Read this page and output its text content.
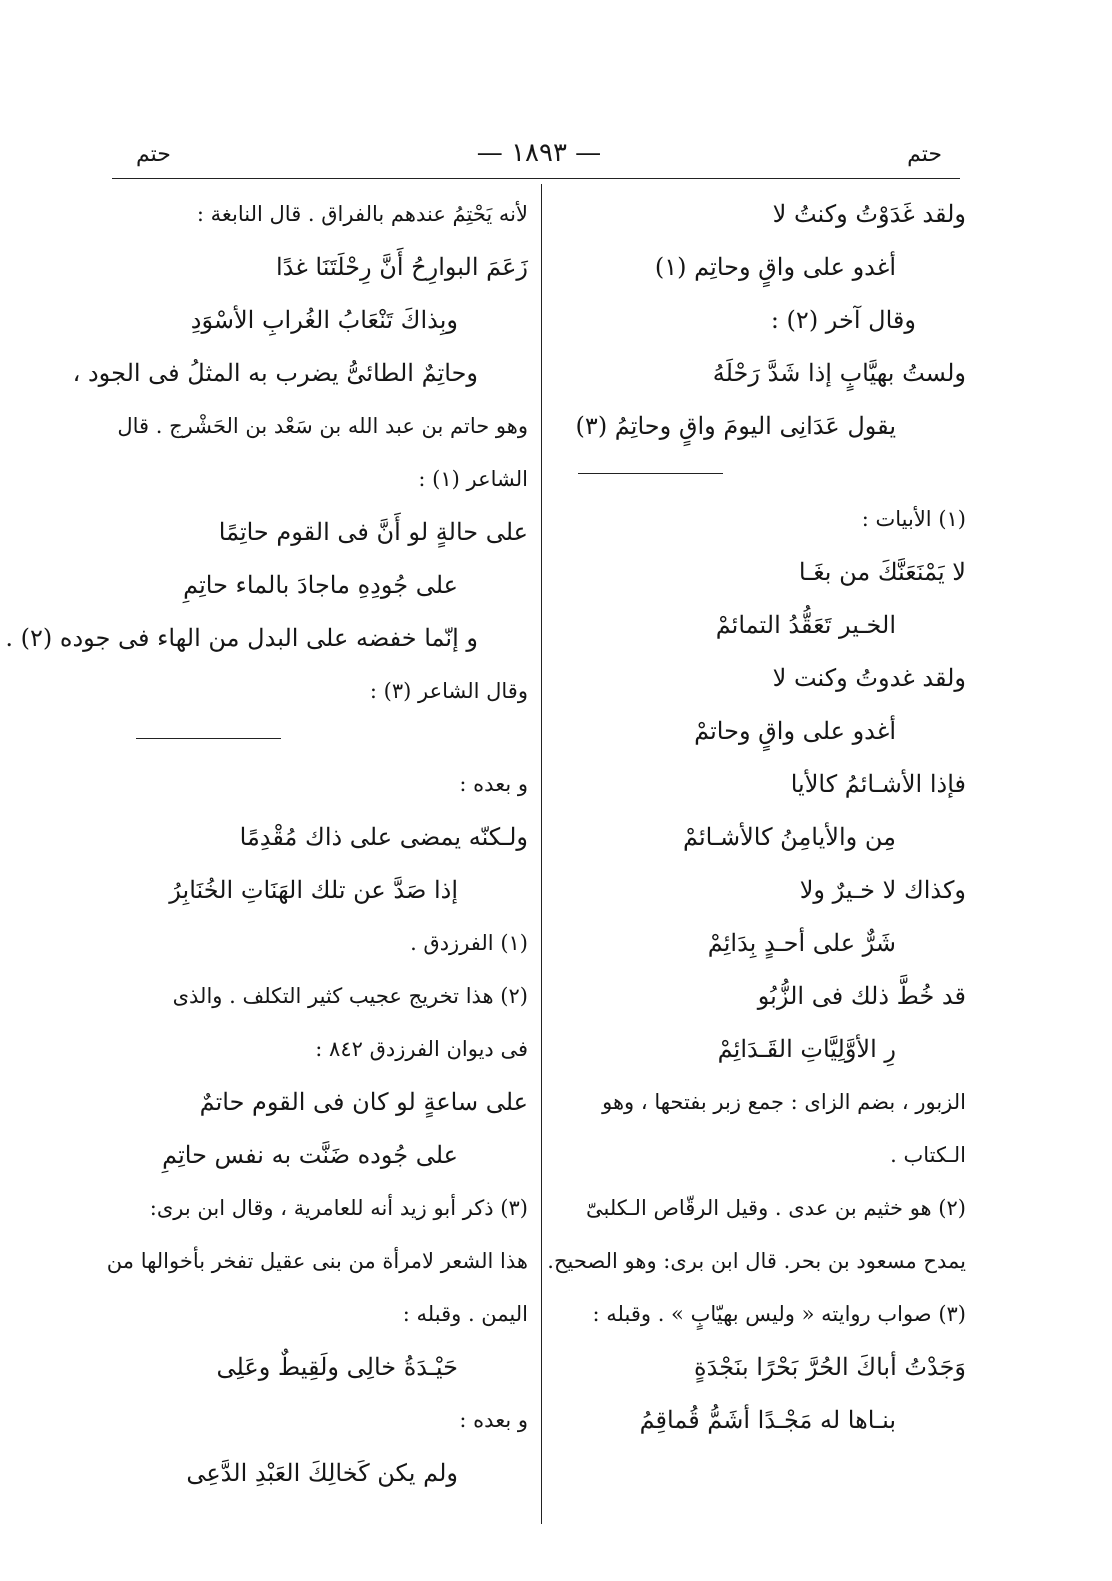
حتم
— ١٨٩٣ —
حتم
ولقد غَدَوْتُ وكنتُ لا
أغدو على واقٍ وحاتِم (١)
وقال آخر (٢) :
ولستُ بهيَّابٍ إذا شَدَّ رَحْلَهُ
يقول عَدَانِى اليومَ واقٍ وحاتِمُ (٣)
(١) الأبيات :
لا يَمْنَعَنَّكَ من بغَـا
الخـير تَعَقُّدُ التمائمْ
ولقد غدوتُ وكنت لا
أغدو على واقٍ وحاتمْ
فإذا الأشـائمُ كالأيا
مِن والأيامِنُ كالأشـائمْ
وكذاك لا خـيرٌ ولا
شَرٌّ على أحـدٍ بِدَائِمْ
قد خُطَّ ذلك فى الزُّبُو
رِ الأوَّلِيَّاتِ القَـدَائِمْ
الزبور ، بضم الزاى : جمع زبر بفتحها ، وهو
الـكتاب .
(٢) هو خثيم بن عدى . وقيل الرقّاص الـكلبىّ
يمدح مسعود بن بحر. قال ابن برى: وهو الصحيح.
(٣) صواب روايته « وليس بهيّابٍ » . وقبله :
وَجَدْتُ أباكَ الحُرَّ بَحْرًا بنَجْدَةٍ
بنـاها له مَجْـدًا أشَمُّ قُماقِمُ
لأنه يَحْتِمُ عندهم بالفراق . قال النابغة :
زَعَمَ البوارِحُ أَنَّ رِحْلَتَنَا غدًا
وبِذاكَ تَنْعَابُ الغُرابِ الأسْوَدِ
وحاتِمٌ الطائىُّ يضرب به المثلُ فى الجود ،
وهو حاتم بن عبد الله بن سَعْد بن الحَشْرج . قال
الشاعر (١) :
على حالةٍ لو أَنَّ فى القوم حاتِمًا
على جُودِهِ ماجادَ بالماء حاتِمِ
و إنّما خفضه على البدل من الهاء فى جوده (٢) .
وقال الشاعر (٣) :
و بعده :
ولـكنّه يمضى على ذاك مُقْدِمًا
إذا صَدَّ عن تلك الهَنَاتِ الخُنَابِرُ
(١) الفرزدق .
(٢) هذا تخريج عجيب كثير التكلف . والذى
فى ديوان الفرزدق ٨٤٢ :
على ساعةٍ لو كان فى القوم حاتمٌ
على جُوده ضَنَّت به نفس حاتِمِ
(٣) ذكر أبو زيد أنه للعامرية ، وقال ابن برى:
هذا الشعر لامرأة من بنى عقيل تفخر بأخوالها من
اليمن . وقبله :
حَيْـدَةُ خالِى ولَقِيطٌ وعَلِى
و بعده :
ولم يكن كَخالِكَ العَبْدِ الدَّعِى
